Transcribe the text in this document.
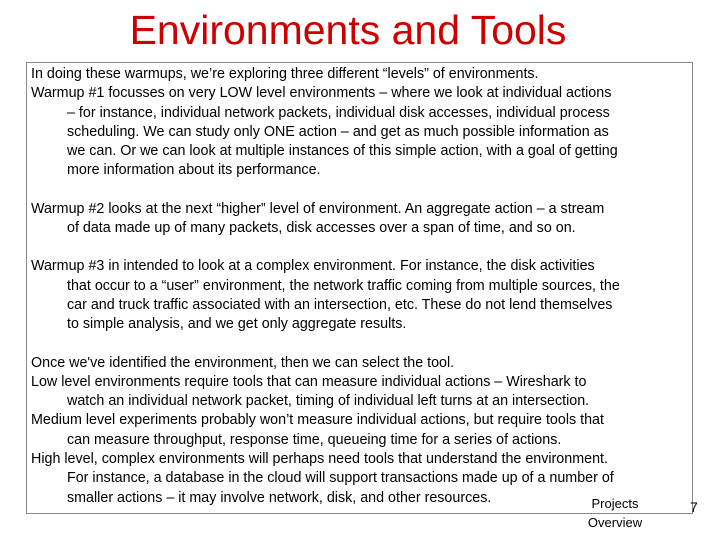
Environments and Tools
In doing these warmups, we’re exploring three different “levels” of environments.
Warmup #1 focusses on very LOW level environments – where we look at individual actions
– for instance, individual network packets, individual disk accesses, individual process
scheduling. We can study only ONE action – and get as much possible information as
we can. Or we can look at multiple instances of this simple action, with a goal of getting
more information about its performance.
Warmup #2 looks at the next “higher” level of environment. An aggregate action – a stream
of data made up of many packets, disk accesses over a span of time, and so on.
Warmup #3 in intended to look at a complex environment. For instance, the disk activities
that occur to a “user” environment, the network traffic coming from multiple sources, the
car and truck traffic associated with an intersection, etc. These do not lend themselves
to simple analysis, and we get only aggregate results.
Once we've identified the environment, then we can select the tool.
Low level environments require tools that can measure individual actions – Wireshark to
watch an individual network packet, timing of individual left turns at an intersection.
Medium level experiments probably won’t measure individual actions, but require tools that
can measure throughput, response time, queueing time for a series of actions.
High level, complex environments will perhaps need tools that understand the environment.
For instance, a database in the cloud will support transactions made up of a number of
smaller actions – it may involve network, disk, and other resources.	Projects
Overview
7
